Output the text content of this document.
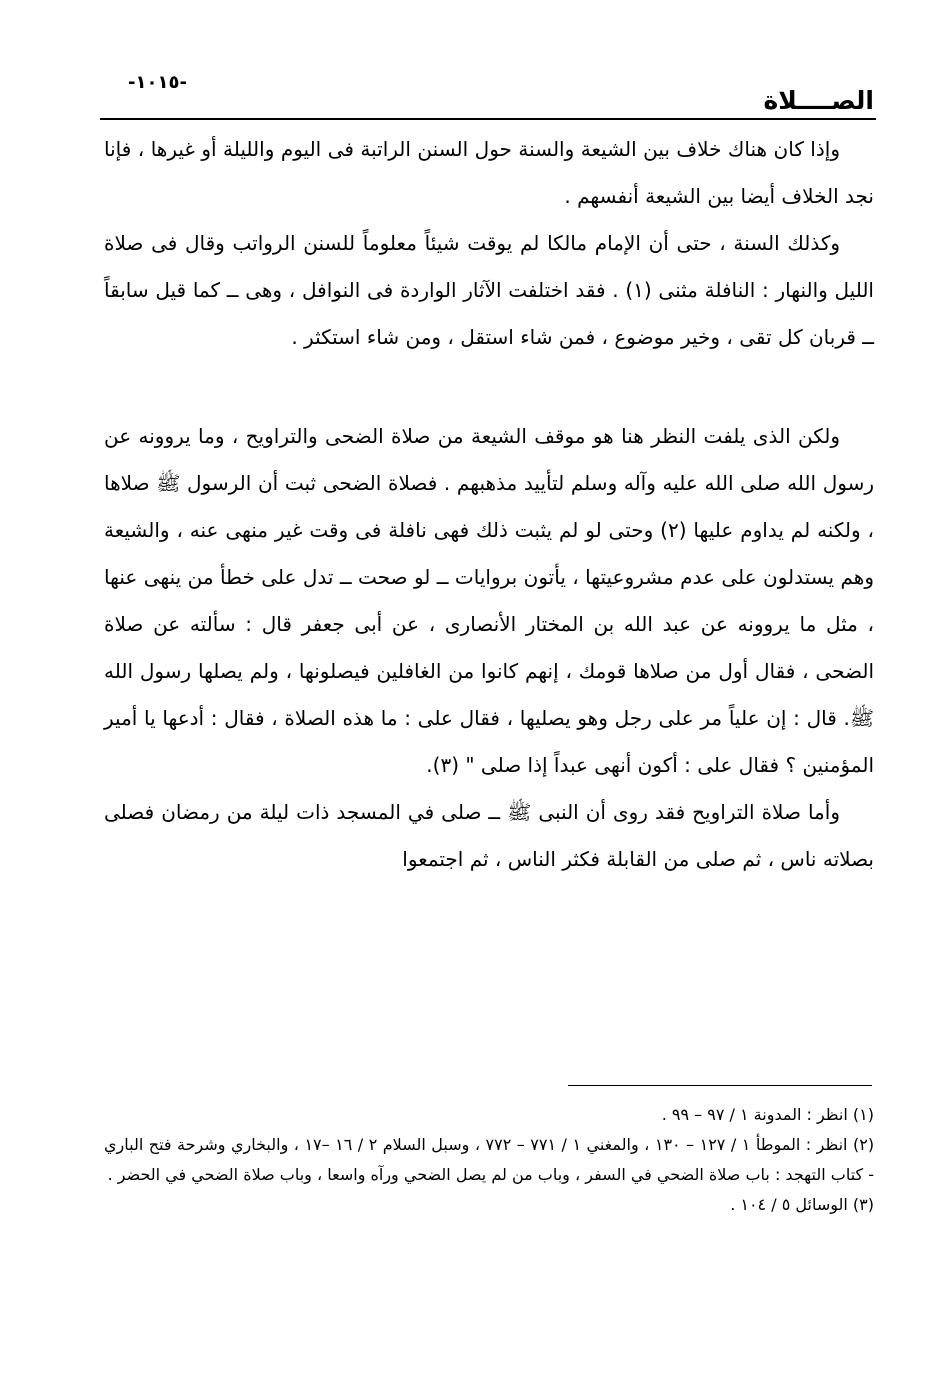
الصــــلاة
-١٠١٥-

وإذا كان هناك خلاف بين الشيعة والسنة حول السنن الراتبة فى اليوم والليلة أو غيرها ، فإنا نجد الخلاف أيضا بين الشيعة أنفسهم .

وكذلك السنة ، حتى أن الإمام مالكا لم يوقت شيئاً معلوماً للسنن الرواتب وقال فى صلاة الليل والنهار : النافلة مثنى (١) . فقد اختلفت الآثار الواردة فى النوافل ، وهى ــ كما قيل سابقاً ــ قربان كل تقى ، وخير موضوع ، فمن شاء استقل ، ومن شاء استكثر .

ولكن الذى يلفت النظر هنا هو موقف الشيعة من صلاة الضحى والتراويح ، وما يروونه عن رسول الله صلى الله عليه وآله وسلم لتأييد مذهبهم . فصلاة الضحى ثبت أن الرسول ﷺ صلاها ، ولكنه لم يداوم عليها (٢) وحتى لو لم يثبت ذلك فهى نافلة فى وقت غير منهى عنه ، والشيعة وهم يستدلون على عدم مشروعيتها ، يأتون بروايات ــ لو صحت ــ تدل على خطأ من ينهى عنها ، مثل ما يروونه عن عبد الله بن المختار الأنصارى ، عن أبى جعفر قال : سألته عن صلاة الضحى ، فقال أول من صلاها قومك ، إنهم كانوا من الغافلين فيصلونها ، ولم يصلها رسول الله ﷺ. قال : إن علياً مر على رجل وهو يصليها ، فقال على : ما هذه الصلاة ، فقال : أدعها يا أمير المؤمنين ؟ فقال على : أكون أنهى عبداً إذا صلى " (٣).

وأما صلاة التراويح فقد روى أن النبى ﷺ ــ صلى في المسجد ذات ليلة من رمضان فصلى بصلاته ناس ، ثم صلى من القابلة فكثر الناس ، ثم اجتمعوا

(١) انظر : المدونة ١ / ٩٧ – ٩٩ .

(٢) انظر : الموطأ ١ / ١٢٧ – ١٣٠ ، والمغني ١ / ٧٧١ – ٧٧٢ ، وسبل السلام ٢ / ١٦ –١٧ ، والبخاري وشرحة فتح الباري - كتاب التهجد : باب صلاة الضحي في السفر ، وباب من لم يصل الضحي ورآه واسعا ، وباب صلاة الضحي في الحضر .

(٣) الوسائل ٥ / ١٠٤ .
